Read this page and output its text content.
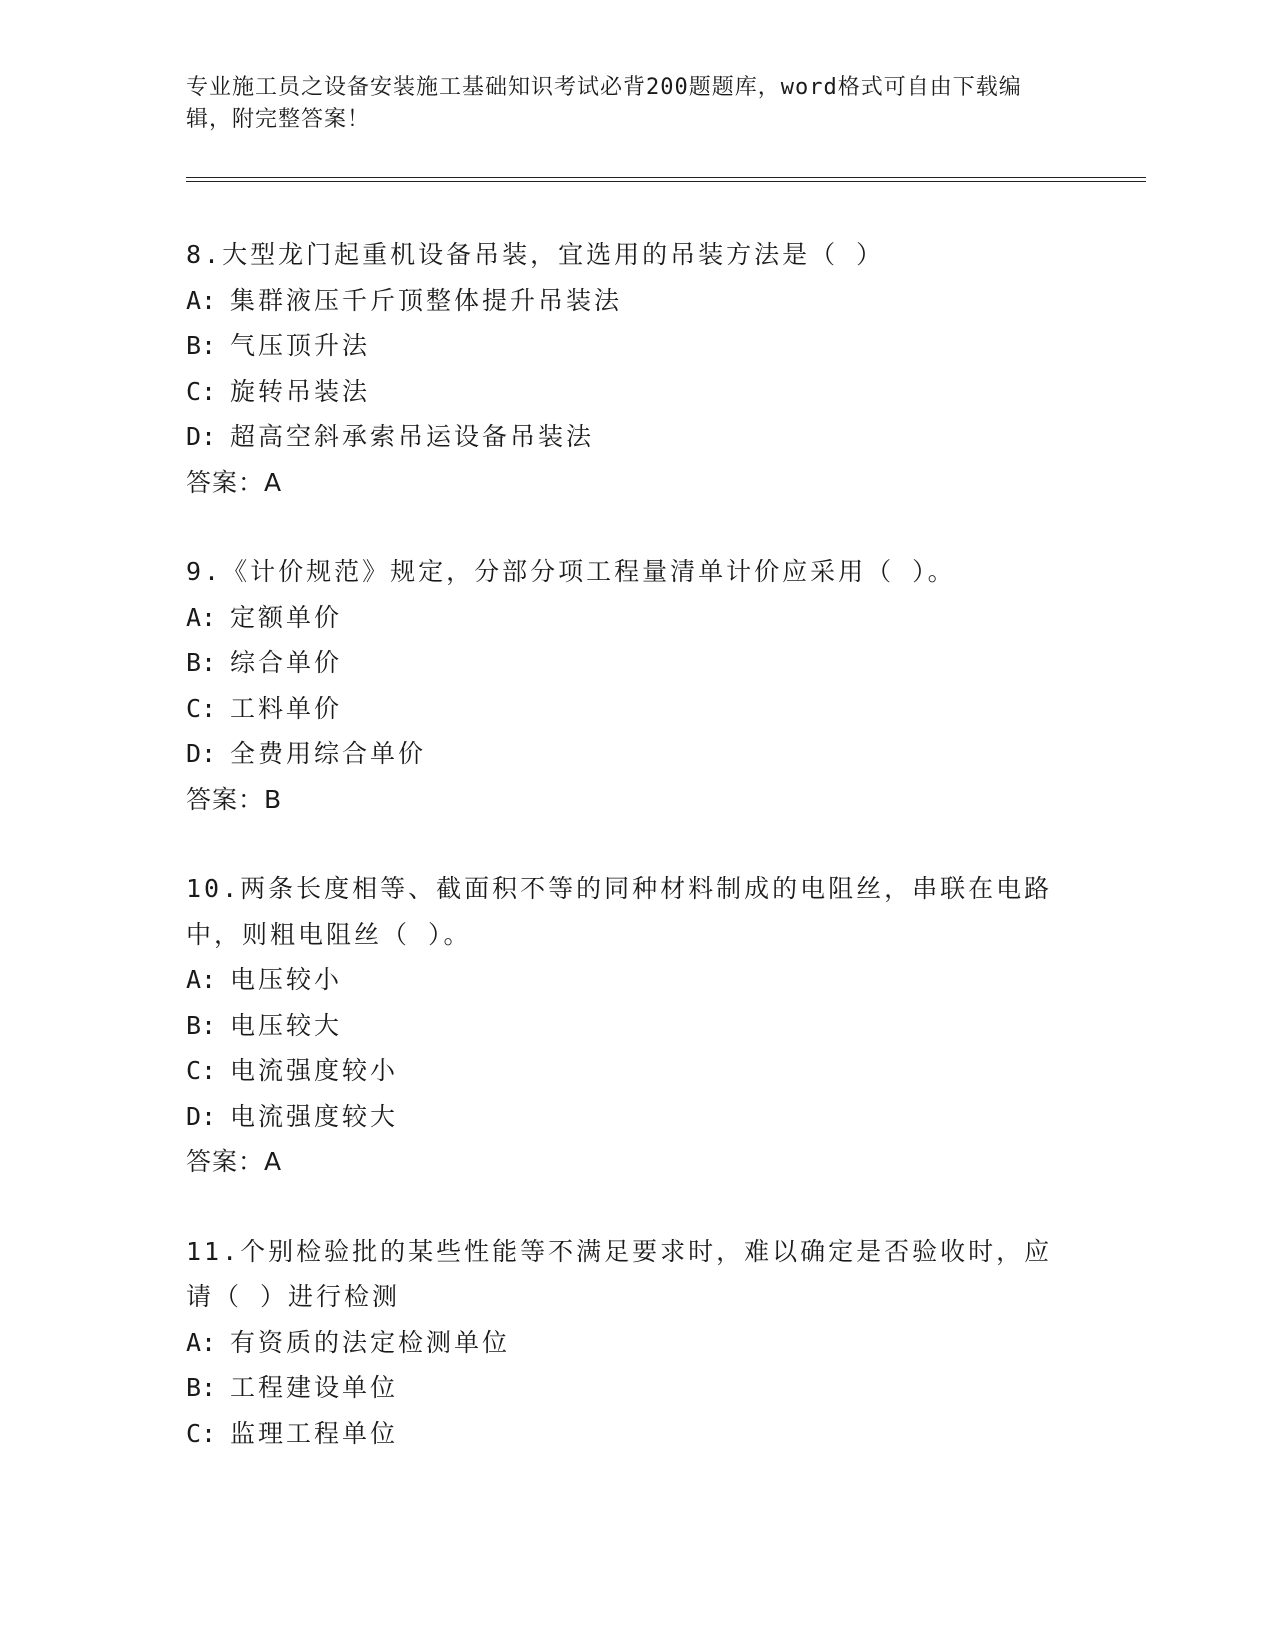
专业施工员之设备安装施工基础知识考试必背200题题库，word格式可自由下载编辑，附完整答案！
8.大型龙门起重机设备吊装，宜选用的吊装方法是（ ）
A: 集群液压千斤顶整体提升吊装法
B: 气压顶升法
C: 旋转吊装法
D: 超高空斜承索吊运设备吊装法
答案：A
9.《计价规范》规定，分部分项工程量清单计价应采用（ ）。
A: 定额单价
B: 综合单价
C: 工料单价
D: 全费用综合单价
答案：B
10.两条长度相等、截面积不等的同种材料制成的电阻丝，串联在电路中，则粗电阻丝（ ）。
A: 电压较小
B: 电压较大
C: 电流强度较小
D: 电流强度较大
答案：A
11.个别检验批的某些性能等不满足要求时，难以确定是否验收时，应请（ ）进行检测
A: 有资质的法定检测单位
B: 工程建设单位
C: 监理工程单位
